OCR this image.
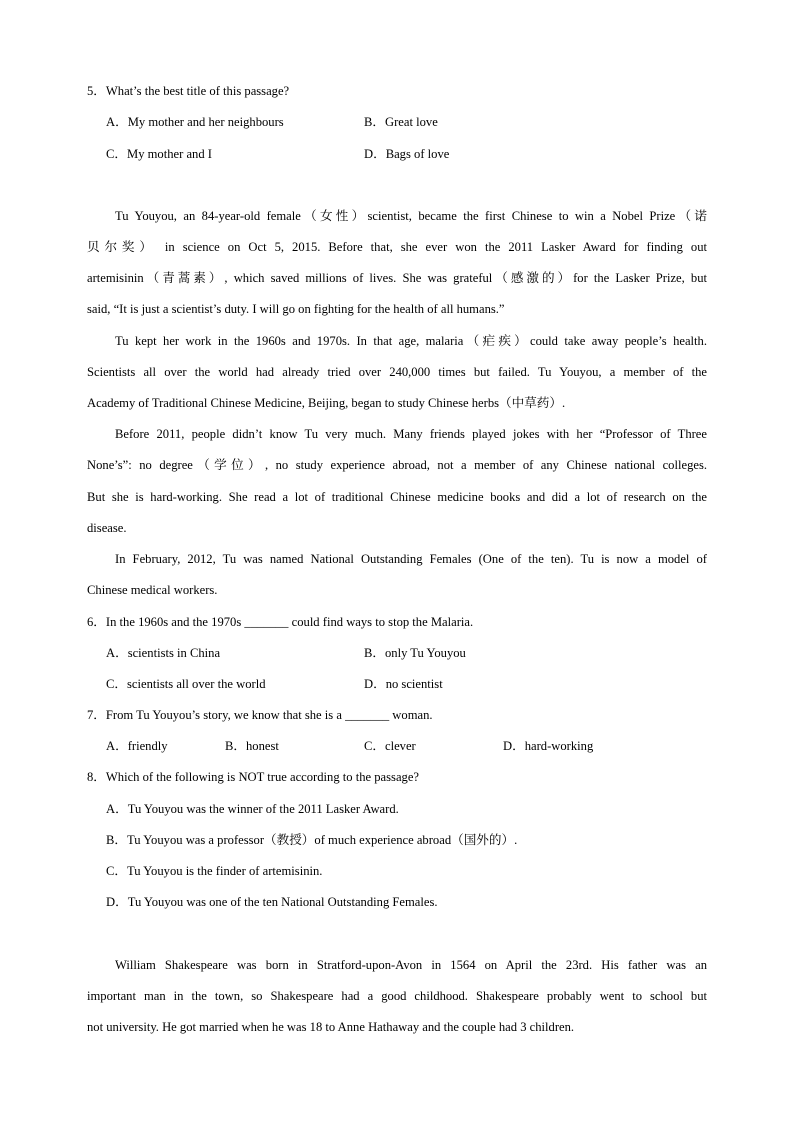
5．What’s the best title of this passage?
A．My mother and her neighbours	B．Great love
C．My mother and I	D．Bags of love
Tu Youyou, an 84-year-old female（女性）scientist, became the first Chinese to win a Nobel Prize（诺
贝尔奖） in science on Oct 5, 2015. Before that, she ever won the 2011 Lasker Award for finding out
artemisinin（青蒿素）, which saved millions of lives. She was grateful（感激的）for the Lasker Prize, but
said, “It is just a scientist’s duty. I will go on fighting for the health of all humans.”
Tu kept her work in the 1960s and 1970s. In that age, malaria（疟疾）could take away people’s health.
Scientists all over the world had already tried over 240,000 times but failed. Tu Youyou, a member of the
Academy of Traditional Chinese Medicine, Beijing, began to study Chinese herbs（中草药）.
Before 2011, people didn’t know Tu very much. Many friends played jokes with her “Professor of Three
None’s”: no degree（学位）, no study experience abroad, not a member of any Chinese national colleges.
But she is hard-working. She read a lot of traditional Chinese medicine books and did a lot of research on the
disease.
In February, 2012, Tu was named National Outstanding Females (One of the ten). Tu is now a model of
Chinese medical workers.
6．In the 1960s and the 1970s _______ could find ways to stop the Malaria.
A．scientists in China	B．only Tu Youyou
C．scientists all over the world	D．no scientist
7．From Tu Youyou’s story, we know that she is a _______ woman.
A．friendly	B．honest	C．clever	D．hard-working
8．Which of the following is NOT true according to the passage?
A．Tu Youyou was the winner of the 2011 Lasker Award.
B．Tu Youyou was a professor（教授）of much experience abroad（国外的）.
C．Tu Youyou is the finder of artemisinin.
D．Tu Youyou was one of the ten National Outstanding Females.
William Shakespeare was born in Stratford-upon-Avon in 1564 on April the 23rd. His father was an
important man in the town, so Shakespeare had a good childhood. Shakespeare probably went to school but
not university. He got married when he was 18 to Anne Hathaway and the couple had 3 children.
